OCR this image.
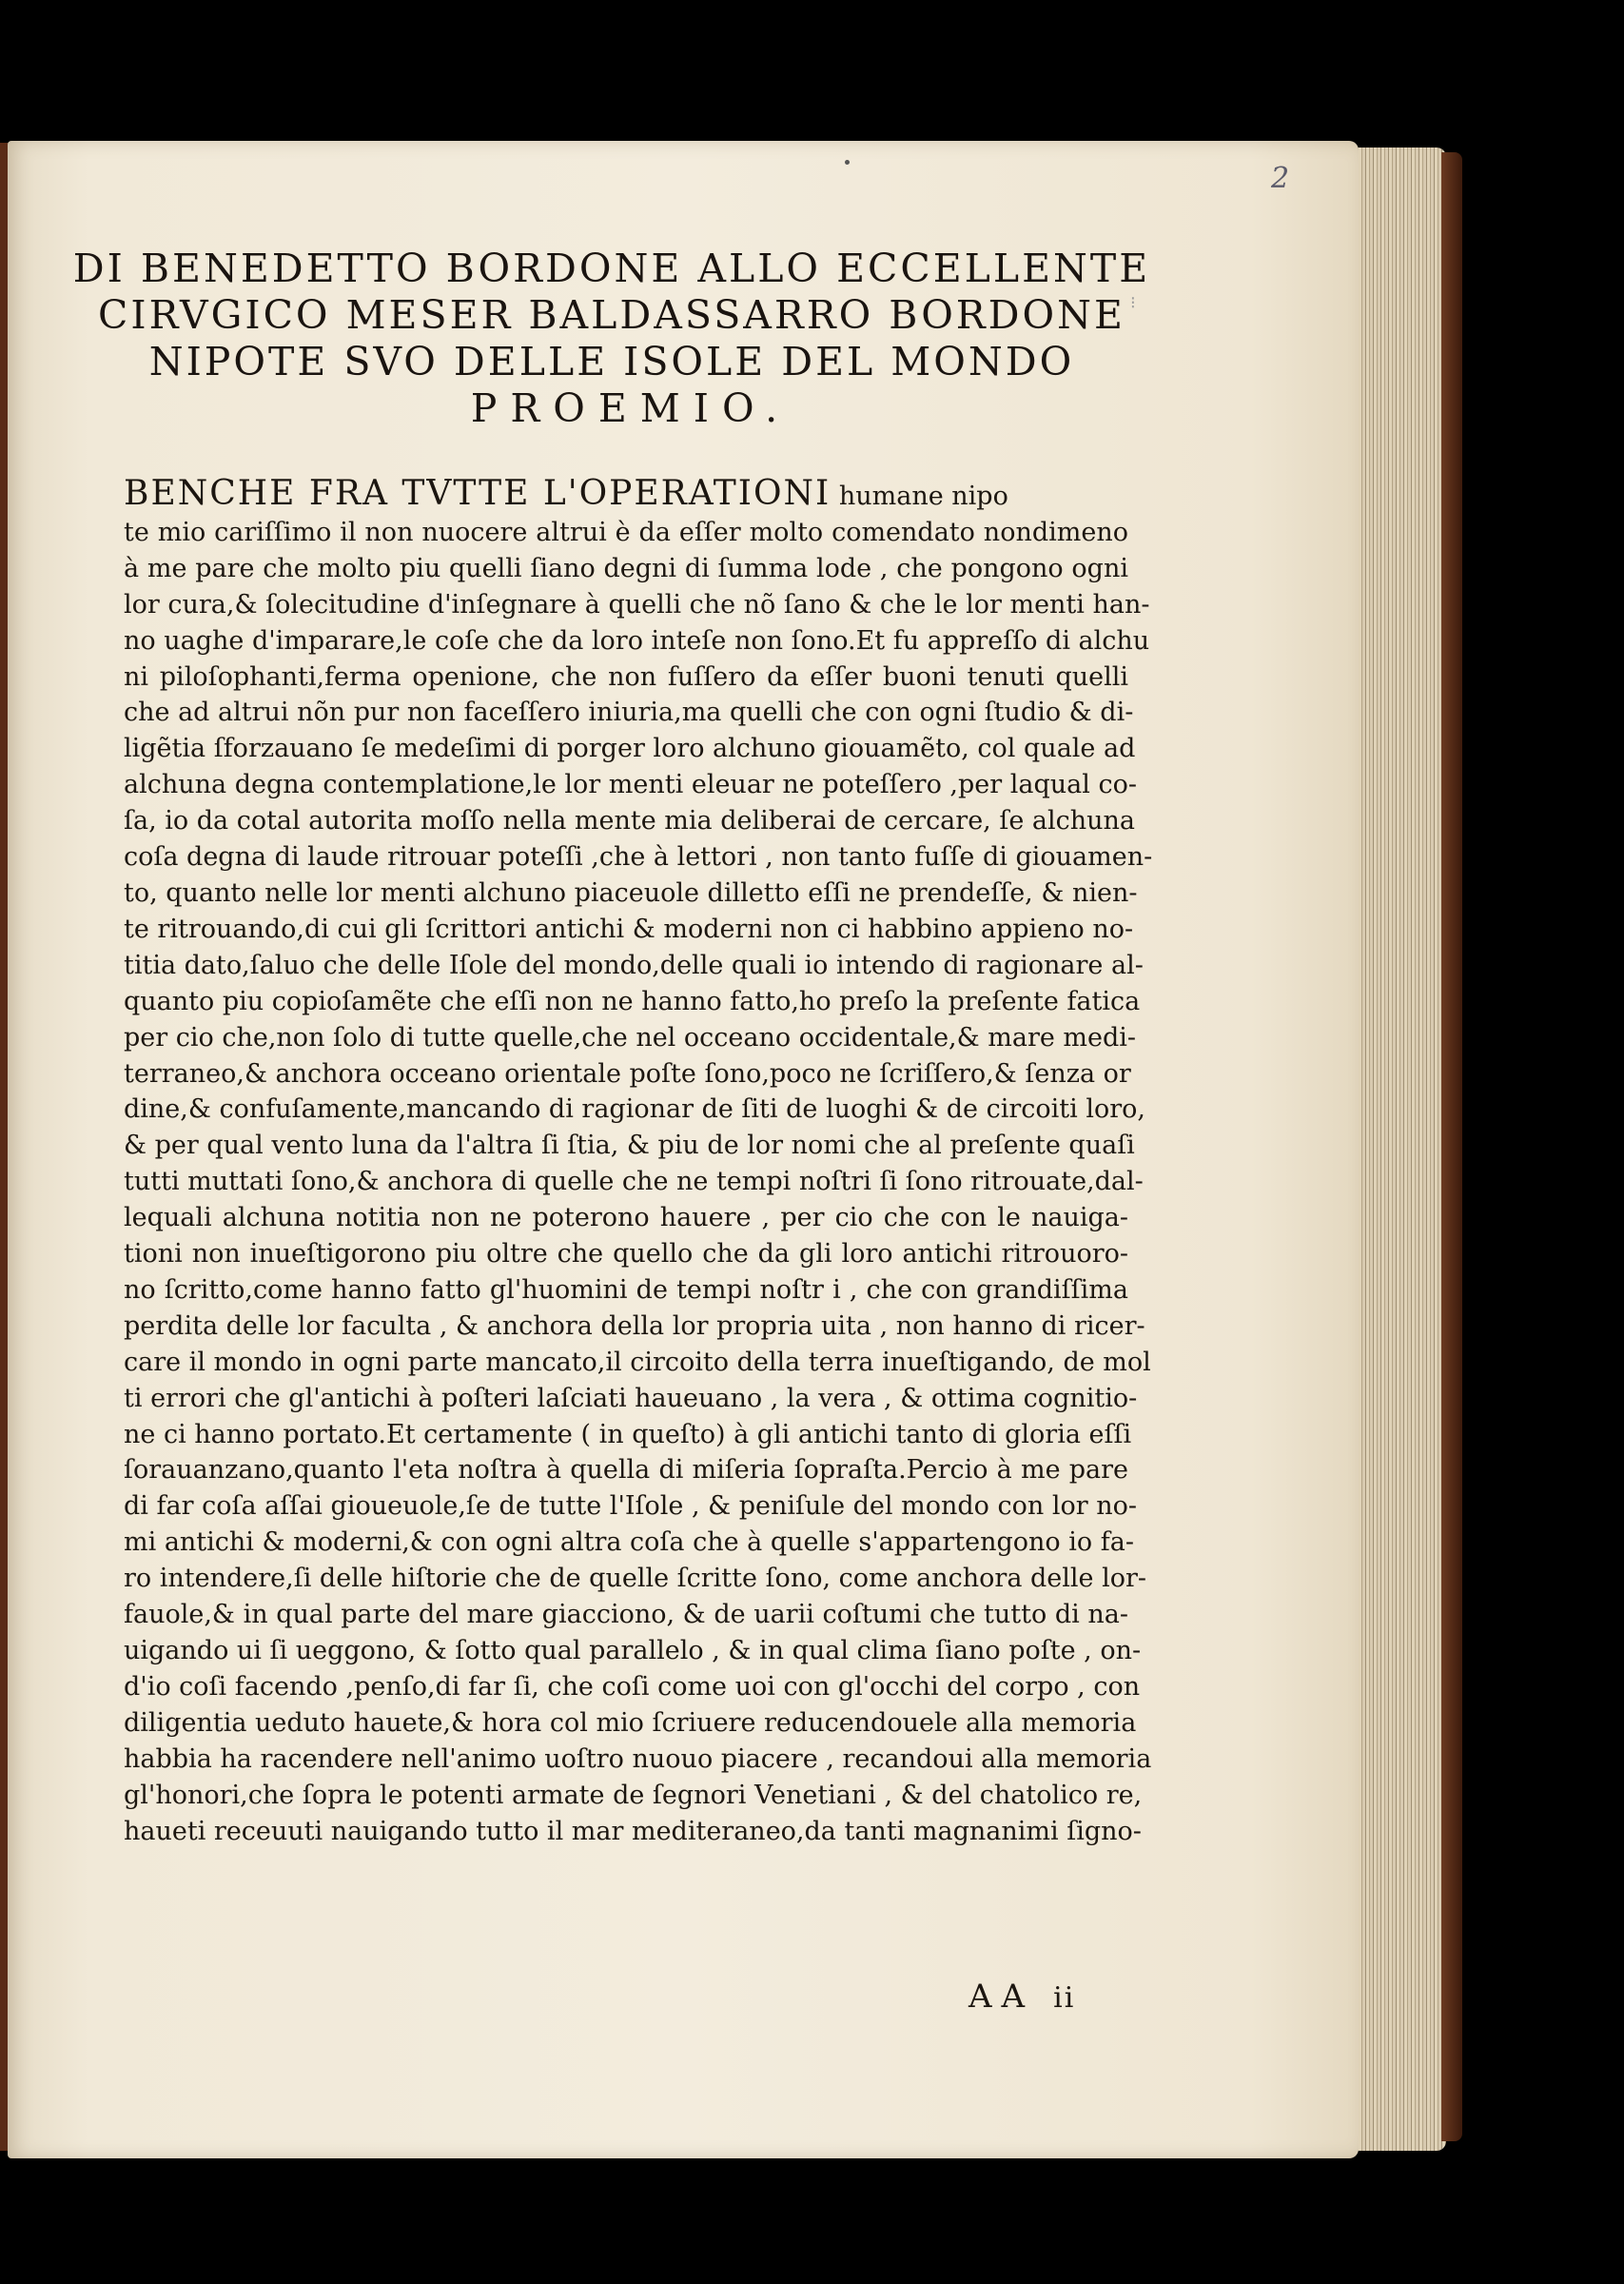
2
⁝
DI BENEDETTO BORDONE ALLO ECCELLENTE
CIRVGICO MESER BALDASSARRO BORDONE
NIPOTE SVO DELLE ISOLE DEL MONDO
PROEMIO.
BENCHE FRA TVTTE L'OPERATIONI humane nipo
te mio cariſſimo il non nuocere altrui è da eſſer molto comendato nondimeno
à me pare che molto piu quelli ſiano degni di ſumma lode , che pongono ogni
lor cura,& ſolecitudine d'inſegnare à quelli che nõ ſano & che le lor menti han-
no uaghe d'imparare,le coſe che da loro inteſe non ſono.Et fu appreſſo di alchu
ni piloſophanti,ferma openione, che non fuſſero da eſſer buoni tenuti quelli
che ad altrui nõn pur non faceſſero iniuria,ma quelli che con ogni ſtudio & di-
ligẽtia ſforzauano ſe medeſimi di porger loro alchuno giouamẽto, col quale ad
alchuna degna contemplatione,le lor menti eleuar ne poteſſero ,per laqual co-
ſa, io da cotal autorita moſſo nella mente mia deliberai de cercare, ſe alchuna
coſa degna di laude ritrouar poteſſi ,che à lettori , non tanto fuſſe di giouamen-
to, quanto nelle lor menti alchuno piaceuole dilletto eſſi ne prendeſſe, & nien-
te ritrouando,di cui gli ſcrittori antichi & moderni non ci habbino appieno no-
titia dato,ſaluo che delle Iſole del mondo,delle quali io intendo di ragionare al-
quanto piu copioſamẽte che eſſi non ne hanno fatto,ho preſo la preſente fatica
per cio che,non ſolo di tutte quelle,che nel occeano occidentale,& mare medi-
terraneo,& anchora occeano orientale poſte ſono,poco ne ſcriſſero,& ſenza or
dine,& confuſamente,mancando di ragionar de ſiti de luoghi & de circoiti loro,
& per qual vento luna da l'altra ſi ſtia, & piu de lor nomi che al preſente quaſi
tutti muttati ſono,& anchora di quelle che ne tempi noſtri ſi ſono ritrouate,dal-
lequali alchuna notitia non ne poterono hauere , per cio che con le nauiga-
tioni non inueſtigorono piu oltre che quello che da gli loro antichi ritrouoro-
no ſcritto,come hanno fatto gl'huomini de tempi noſtr i , che con grandiſſima
perdita delle lor faculta , & anchora della lor propria uita , non hanno di ricer-
care il mondo in ogni parte mancato,il circoito della terra inueſtigando, de mol
ti errori che gl'antichi à poſteri laſciati haueuano , la vera , & ottima cognitio-
ne ci hanno portato.Et certamente ( in queſto) à gli antichi tanto di gloria eſſi
ſorauanzano,quanto l'eta noſtra à quella di miſeria ſopraſta.Percio à me pare
di far coſa aſſai gioueuole,ſe de tutte l'Iſole , & peniſule del mondo con lor no-
mi antichi & moderni,& con ogni altra coſa che à quelle s'appartengono io fa-
ro intendere,ſi delle hiſtorie che de quelle ſcritte ſono, come anchora delle lor-
fauole,& in qual parte del mare giacciono, & de uarii coſtumi che tutto di na-
uigando ui ſi ueggono, & ſotto qual parallelo , & in qual clima ſiano poſte , on-
d'io coſi facendo ,penſo,di far ſi, che coſi come uoi con gl'occhi del corpo , con
diligentia ueduto hauete,& hora col mio ſcriuere reducendouele alla memoria
habbia ha racendere nell'animo uoſtro nuouo piacere , recandoui alla memoria
gl'honori,che ſopra le potenti armate de ſegnori Venetiani , & del chatolico re,
haueti receuuti nauigando tutto il mar mediteraneo,da tanti magnanimi ſigno-
AA ii
